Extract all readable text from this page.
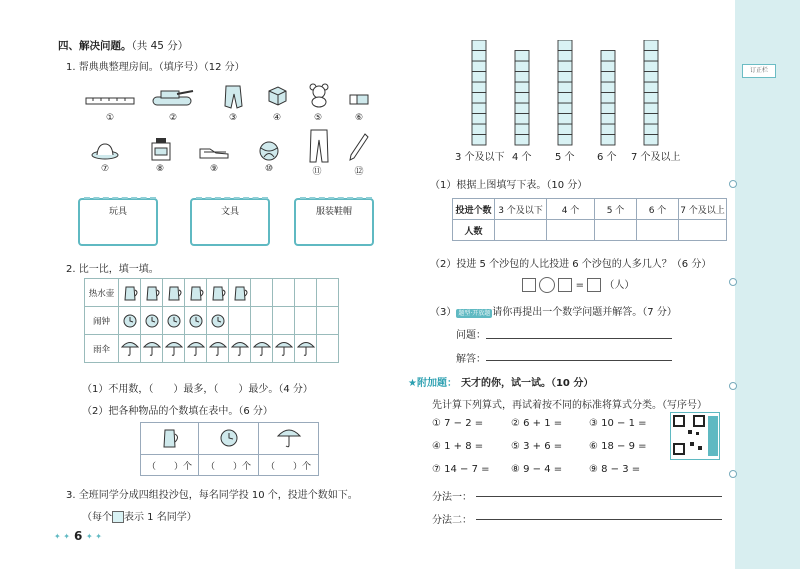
订正栏
四、解决问题。（共 45 分）
1. 帮典典整理房间。（填序号）（12 分）
①	②	③	④	⑤	⑥
⑦	⑧	⑨	⑩	⑪	⑫
玩具	文具	服装鞋帽
2. 比一比，填一填。
热水壶										
闹钟										
雨伞										
（1）不用数，（　　）最多，（　　）最少。（4 分）
（2）把各种物品的个数填在表中。（6 分）

（　　）个	（　　）个	（　　）个
3. 全班同学分成四组投沙包，每名同学投 10 个，投进个数如下。
（每个 表示 1 名同学）
✦ ✦ 6 ✦ ✦
3 个及以下 4 个 5 个 6 个 7 个及以上
（1）根据上图填写下表。（10 分）
投进个数	3 个及以下	4 个	5 个	6 个	7 个及以上
人数					
（2）投进 5 个沙包的人比投进 6 个沙包的人多几人？（6 分）
= （人）
（3） 题型·开放题 请你再提出一个数学问题并解答。（7 分）
问题：
解答：
★附加题： 天才的你，试一试。（10 分）
先计算下列算式，再试着按不同的标准将算式分类。（写序号）
① 7 − 2 =	② 6 + 1 =	③ 10 − 1 =
④ 1 + 8 =	⑤ 3 + 6 =	⑥ 18 − 9 =
⑦ 14 − 7 = ⑧ 9 − 4 =	⑨ 8 − 3 =
分法一：
分法二：
